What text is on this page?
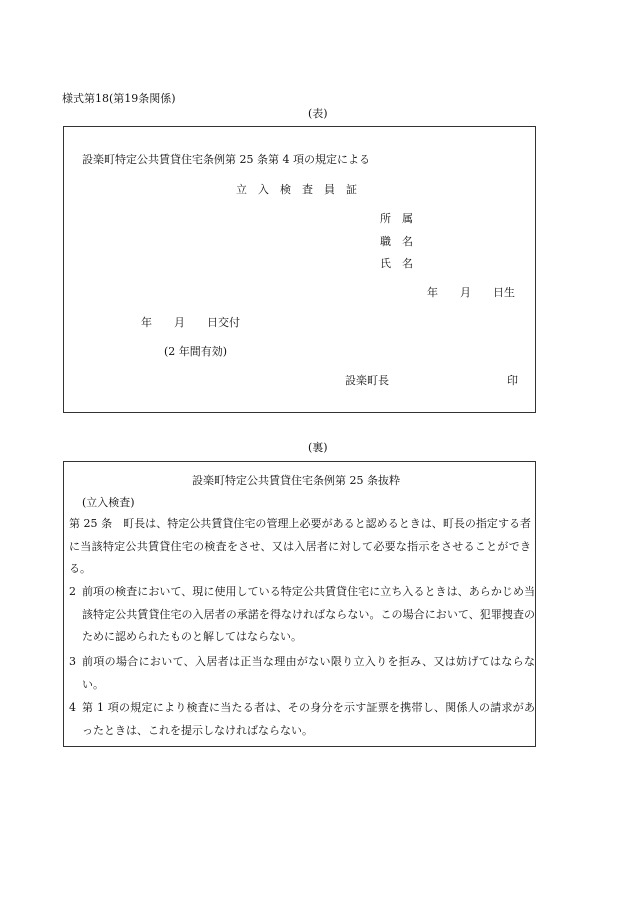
様式第18(第19条関係)
(表)
設楽町特定公共賃貸住宅条例第 25 条第 4 項の規定による
立　入　検　査　員　証
所　属
職　名
氏　名
年　　月　　日生
年　　月　　日交付
(2 年間有効)
設楽町長	印
(裏)
設楽町特定公共賃貸住宅条例第 25 条抜粋
(立入検査)
第 25 条　 町長は、特定公共賃貸住宅の管理上必要があると認めるときは、町長の指定する者に当該特定公共賃貸住宅の検査をさせ、又は入居者に対して必要な指示をさせることができる。
2 前項の検査において、現に使用している特定公共賃貸住宅に立ち入るときは、あらかじめ当該特定公共賃貸住宅の入居者の承諾を得なければならない。この場合において、犯罪捜査のために認められたものと解してはならない。
3 前項の場合において、入居者は正当な理由がない限り立入りを拒み、又は妨げてはならない。
4 第 1 項の規定により検査に当たる者は、その身分を示す証票を携帯し、関係人の請求があったときは、これを提示しなければならない。
